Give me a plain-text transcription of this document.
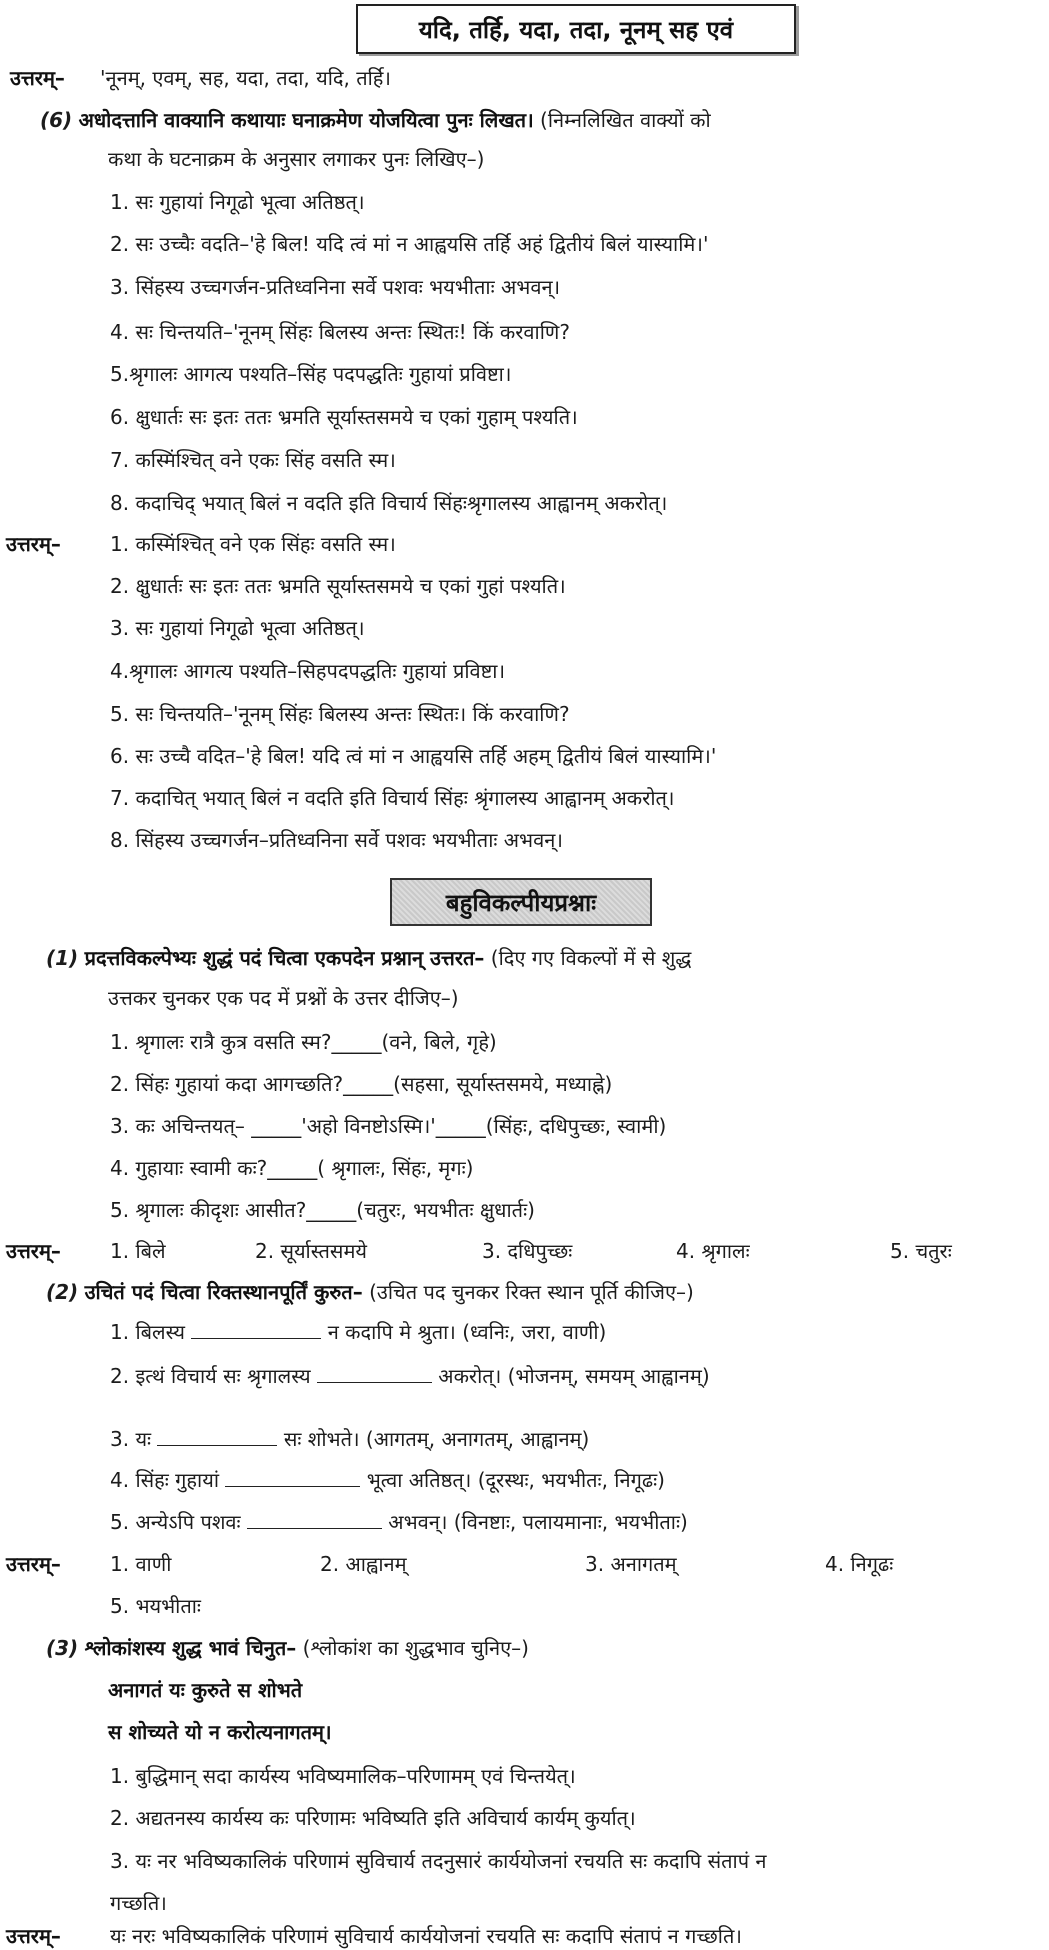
यदि, तर्हि, यदा, तदा, नूनम् सह एवं
उत्तरम्– 'नूनम्, एवम्, सह, यदा, तदा, यदि, तर्हि।
(6) अधोदत्तानि वाक्यानि कथायाः घनाक्रमेण योजयित्वा पुनः लिखत। (निम्नलिखित वाक्यों को
कथा के घटनाक्रम के अनुसार लगाकर पुनः लिखिए–)
1. सः गुहायां निगूढो भूत्वा अतिष्ठत्।
2. सः उच्चैः वदति–'हे बिल! यदि त्वं मां न आह्वयसि तर्हि अहं द्वितीयं बिलं यास्यामि।'
3. सिंहस्य उच्चगर्जन-प्रतिध्वनिना सर्वे पशवः भयभीताः अभवन्।
4. सः चिन्तयति–'नूनम् सिंहः बिलस्य अन्तः स्थितः! किं करवाणि?
5.श्रृगालः आगत्य पश्यति–सिंह पदपद्धतिः गुहायां प्रविष्टा।
6. क्षुधार्तः सः इतः ततः भ्रमति सूर्यास्तसमये च एकां गुहाम् पश्यति।
7. कस्मिंश्चित् वने एकः सिंह वसति स्म।
8. कदाचिद् भयात् बिलं न वदति इति विचार्य सिंहःश्रृगालस्य आह्वानम् अकरोत्।
उत्तरम्– 1. कस्मिंश्चित् वने एक सिंहः वसति स्म।
2. क्षुधार्तः सः इतः ततः भ्रमति सूर्यास्तसमये च एकां गुहां पश्यति।
3. सः गुहायां निगूढो भूत्वा अतिष्ठत्।
4.श्रृगालः आगत्य पश्यति–सिहपदपद्धतिः गुहायां प्रविष्टा।
5. सः चिन्तयति–'नूनम् सिंहः बिलस्य अन्तः स्थितः। किं करवाणि?
6. सः उच्चै वदित–'हे बिल! यदि त्वं मां न आह्वयसि तर्हि अहम् द्वितीयं बिलं यास्यामि।'
7. कदाचित् भयात् बिलं न वदति इति विचार्य सिंहः श्रृंगालस्य आह्वानम् अकरोत्।
8. सिंहस्य उच्चगर्जन–प्रतिध्वनिना सर्वे पशवः भयभीताः अभवन्।
बहुविकल्पीयप्रश्नाः
(1) प्रदत्तविकल्पेभ्यः शुद्धं पदं चित्वा एकपदेन प्रश्नान् उत्तरत– (दिए गए विकल्पों में से शुद्ध
उत्तकर चुनकर एक पद में प्रश्नों के उत्तर दीजिए–)
1. श्रृगालः रात्रै कुत्र वसति स्म?_____(वने, बिले, गृहे)
2. सिंहः गुहायां कदा आगच्छति?_____(सहसा, सूर्यास्तसमये, मध्याह्ने)
3. कः अचिन्तयत्– _____'अहो विनष्टोऽस्मि।'_____(सिंहः, दधिपुच्छः, स्वामी)
4. गुहायाः स्वामी कः?_____( श्रृगालः, सिंहः, मृगः)
5. श्रृगालः कीदृशः आसीत?_____(चतुरः, भयभीतः क्षुधार्तः)
उत्तरम्– 1. बिले	2. सूर्यास्तसमये	3. दधिपुच्छः	4. श्रृगालः	5. चतुरः
(2) उचितं पदं चित्वा रिक्तस्थानपूर्तिं कुरुत– (उचित पद चुनकर रिक्त स्थान पूर्ति कीजिए–)
1. बिलस्य	न कदापि मे श्रुता। (ध्वनिः, जरा, वाणी)
2. इत्थं विचार्य सः श्रृगालस्य	अकरोत्। (भोजनम्, समयम् आह्वानम्)
3. यः	सः शोभते। (आगतम्, अनागतम्, आह्वानम्)
4. सिंहः गुहायां	भूत्वा अतिष्ठत्। (दूरस्थः, भयभीतः, निगूढः)
5. अन्येऽपि पशवः	अभवन्। (विनष्टाः, पलायमानाः, भयभीताः)
उत्तरम्– 1. वाणी	2. आह्वानम्	3. अनागतम्	4. निगूढः
5. भयभीताः
(3) श्लोकांशस्य शुद्ध भावं चिनुत– (श्लोकांश का शुद्धभाव चुनिए–)
अनागतं यः कुरुते स शोभते
स शोच्यते यो न करोत्यनागतम्।
1. बुद्धिमान् सदा कार्यस्य भविष्यमालिक–परिणामम् एवं चिन्तयेत्।
2. अद्यतनस्य कार्यस्य कः परिणामः भविष्यति इति अविचार्य कार्यम् कुर्यात्।
3. यः नर भविष्यकालिकं परिणामं सुविचार्य तदनुसारं कार्ययोजनां रचयति सः कदापि संतापं न
गच्छति।
उत्तरम्– यः नरः भविष्यकालिकं परिणामं सुविचार्य कार्ययोजनां रचयति सः कदापि संतापं न गच्छति।
